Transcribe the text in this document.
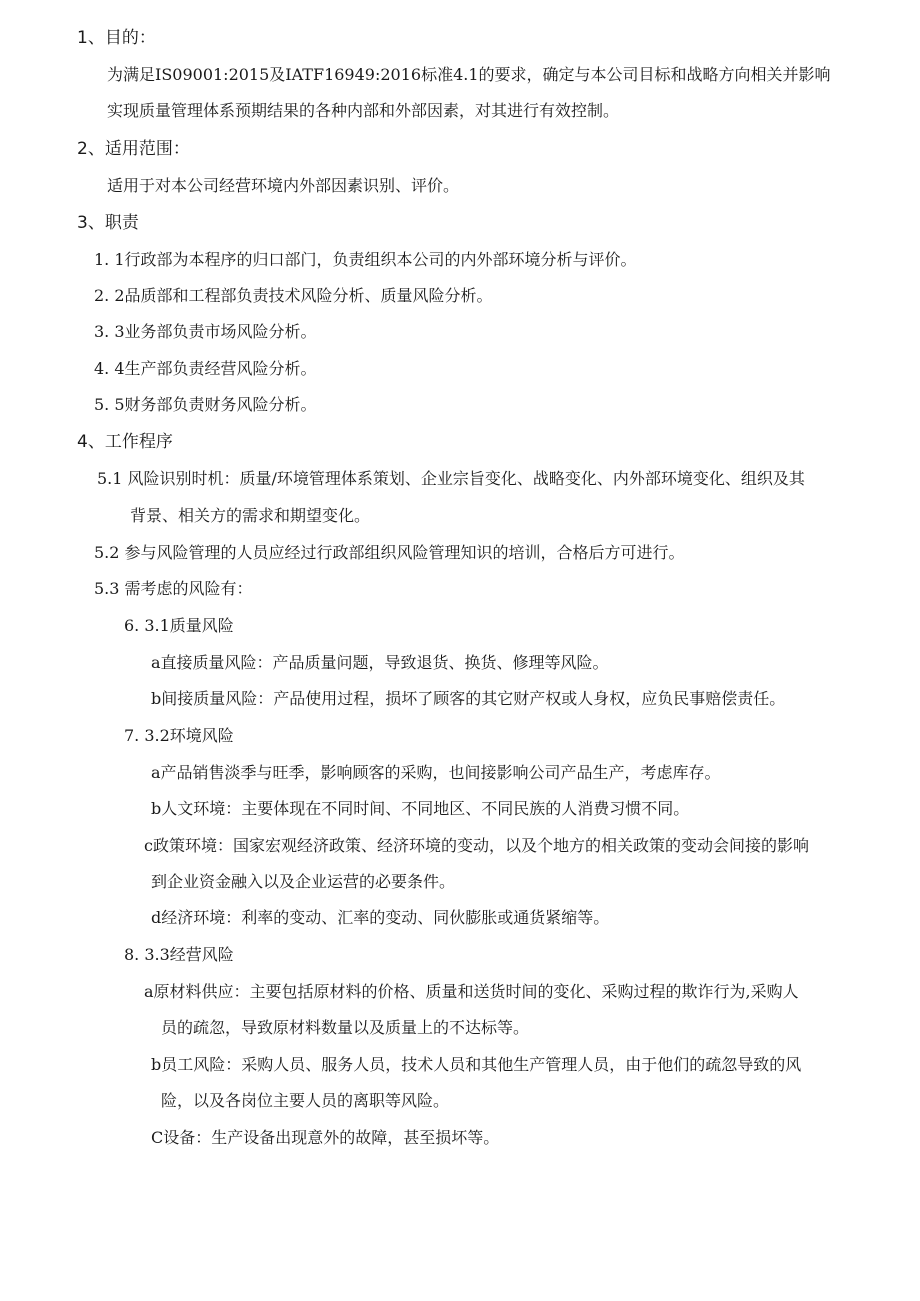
1、目的：
为满足IS09001:2015及IATF16949:2016标准4.1的要求，确定与本公司目标和战略方向相关并影响
实现质量管理体系预期结果的各种内部和外部因素，对其进行有效控制。
2、适用范围：
适用于对本公司经营环境内外部因素识别、评价。
3、职责
1. 1行政部为本程序的归口部门，负责组织本公司的内外部环境分析与评价。
2. 2品质部和工程部负责技术风险分析、质量风险分析。
3. 3业务部负责市场风险分析。
4. 4生产部负责经营风险分析。
5. 5财务部负责财务风险分析。
4、工作程序
5.1 风险识别时机：质量/环境管理体系策划、企业宗旨变化、战略变化、内外部环境变化、组织及其
背景、相关方的需求和期望变化。
5.2 参与风险管理的人员应经过行政部组织风险管理知识的培训，合格后方可进行。
5.3 需考虑的风险有：
6. 3.1质量风险
a直接质量风险：产品质量问题，导致退货、换货、修理等风险。
b间接质量风险：产品使用过程，损坏了顾客的其它财产权或人身权，应负民事赔偿责任。
7. 3.2环境风险
a产品销售淡季与旺季，影响顾客的采购，也间接影响公司产品生产，考虑库存。
b人文环境：主要体现在不同时间、不同地区、不同民族的人消费习惯不同。
c政策环境：国家宏观经济政策、经济环境的变动，以及个地方的相关政策的变动会间接的影响
到企业资金融入以及企业运营的必要条件。
d经济环境：利率的变动、汇率的变动、同伙膨胀或通货紧缩等。
8. 3.3经营风险
a原材料供应：主要包括原材料的价格、质量和送货时间的变化、采购过程的欺诈行为,采购人
员的疏忽，导致原材料数量以及质量上的不达标等。
b员工风险：采购人员、服务人员，技术人员和其他生产管理人员，由于他们的疏忽导致的风
险，以及各岗位主要人员的离职等风险。
C设备：生产设备出现意外的故障，甚至损坏等。
